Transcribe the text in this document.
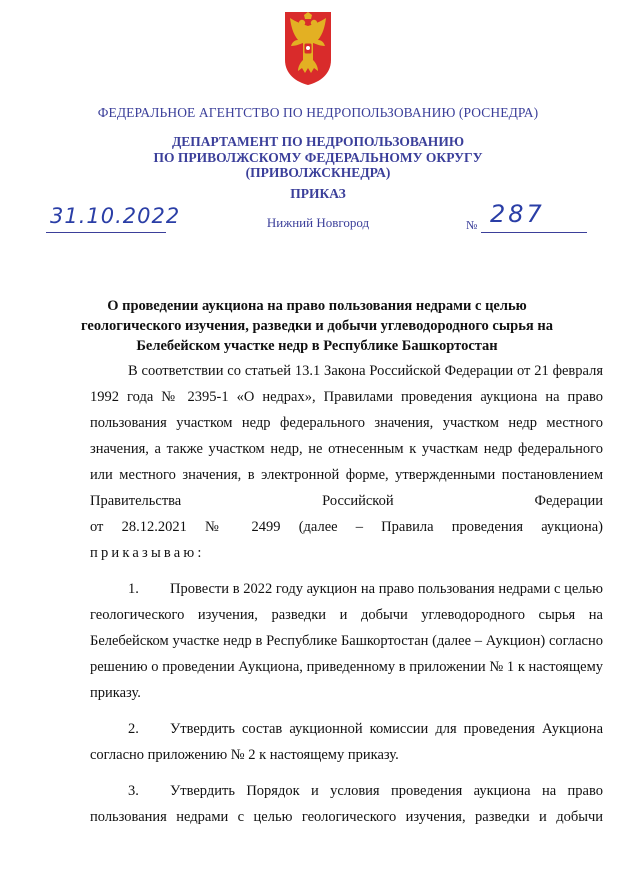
ФЕДЕРАЛЬНОЕ АГЕНТСТВО ПО НЕДРОПОЛЬЗОВАНИЮ (РОСНЕДРА)
ДЕПАРТАМЕНТ ПО НЕДРОПОЛЬЗОВАНИЮ
ПО ПРИВОЛЖСКОМУ ФЕДЕРАЛЬНОМУ ОКРУГУ
(ПРИВОЛЖСКНЕДРА)
ПРИКАЗ
31.10.2022	Нижний Новгород	№ 287
О проведении аукциона на право пользования недрами с целью
геологического изучения, разведки и добычи углеводородного сырья на
Белебейском участке недр в Республике Башкортостан

В соответствии со статьей 13.1 Закона Российской Федерации от 21 февраля 1992 года № 2395-1 «О недрах», Правилами проведения аукциона на право пользования участком недр федерального значения, участком недр местного значения, а также участком недр, не отнесенным к участкам недр федерального или местного значения, в электронной форме, утвержденными постановлением Правительства Российской Федерации

от 28.12.2021 № 2499 (далее – Правила проведения аукциона)

приказываю:

1. Провести в 2022 году аукцион на право пользования недрами с целью геологического изучения, разведки и добычи углеводородного сырья на Белебейском участке недр в Республике Башкортостан (далее – Аукцион) согласно решению о проведении Аукциона, приведенному в приложении № 1 к настоящему приказу.

2. Утвердить состав аукционной комиссии для проведения Аукциона согласно приложению № 2 к настоящему приказу.

3. Утвердить Порядок и условия проведения аукциона на право пользования недрами с целью геологического изучения, разведки и добычи
